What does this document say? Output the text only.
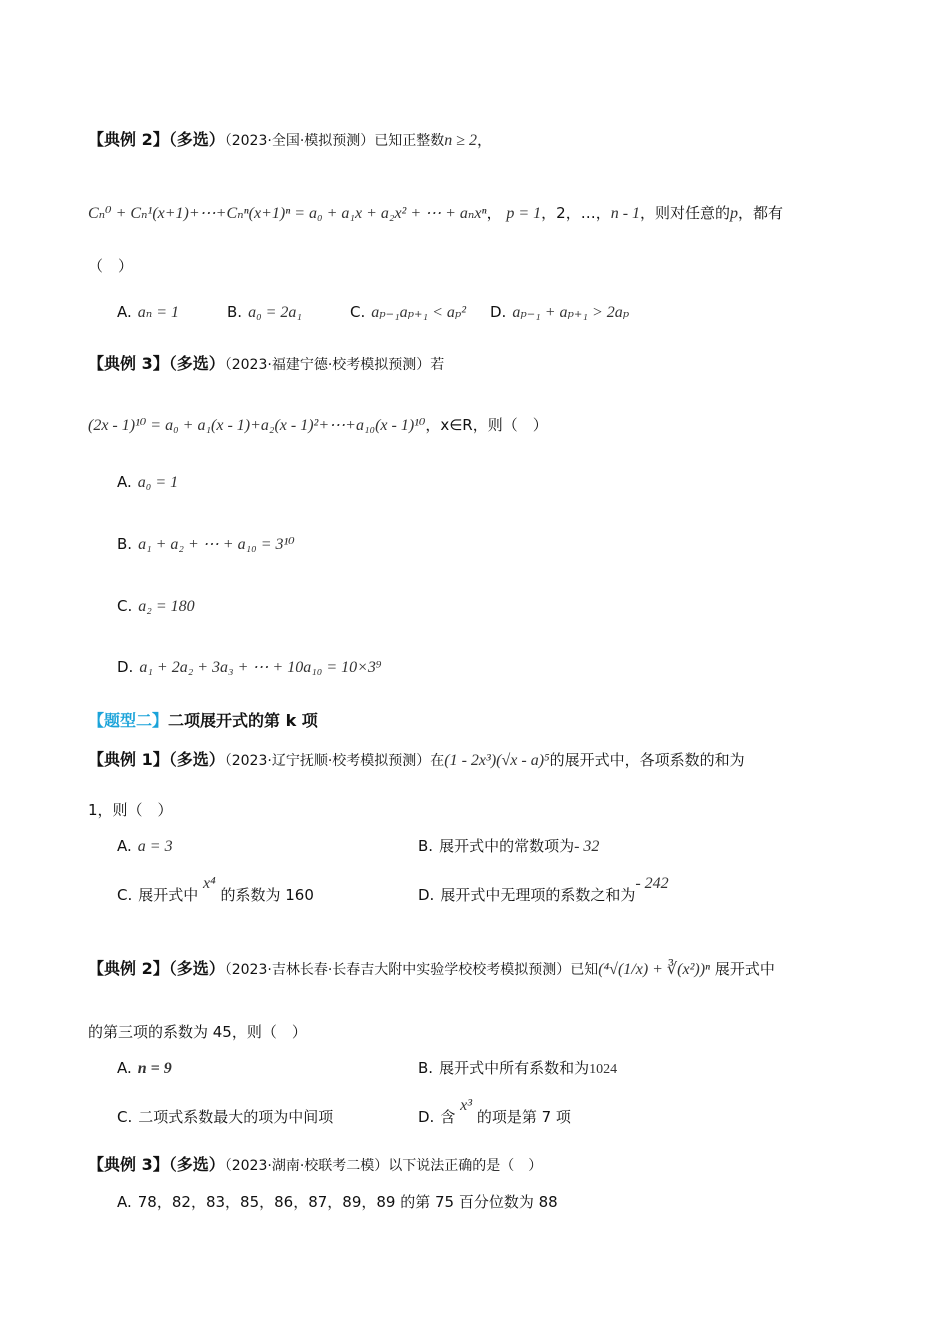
【典例 2】（多选）（2023·全国·模拟预测）已知正整数n ≥ 2，
Cₙ⁰ + Cₙ¹(x+1)+⋯+Cₙⁿ(x+1)ⁿ = a₀ + a₁x + a₂x² + ⋯ + aₙxⁿ， p = 1，2，…，n - 1，则对任意的p，都有
（　）
A. aₙ = 1	B. a₀ = 2a₁	C. aₚ₋₁aₚ₊₁ < aₚ² D. aₚ₋₁ + aₚ₊₁ > 2aₚ
【典例 3】（多选）（2023·福建宁德·校考模拟预测）若
(2x - 1)¹⁰ = a₀ + a₁(x - 1)+a₂(x - 1)²+⋯+a₁₀(x - 1)¹⁰，x∈R，则（　）
A. a₀ = 1
B. a₁ + a₂ + ⋯ + a₁₀ = 3¹⁰
C. a₂ = 180
D. a₁ + 2a₂ + 3a₃ + ⋯ + 10a₁₀ = 10×3⁹
【题型二】二项展开式的第 k 项
【典例 1】（多选）（2023·辽宁抚顺·校考模拟预测）在(1 - 2x³)(√x - a)⁵的展开式中，各项系数的和为
1，则（　）
A. a = 3	B. 展开式中的常数项为- 32
C. 展开式中 x⁴ 的系数为 160	D. 展开式中无理项的系数之和为- 242
【典例 2】（多选）（2023·吉林长春·长春吉大附中实验学校校考模拟预测）已知(⁴√(1/x) + ∛(x²))ⁿ 展开式中
的第三项的系数为 45，则（　）
A. n = 9	B. 展开式中所有系数和为1024
C. 二项式系数最大的项为中间项	D. 含 x³ 的项是第 7 项
【典例 3】（多选）（2023·湖南·校联考二模）以下说法正确的是（　）
A. 78，82，83，85，86，87，89，89 的第 75 百分位数为 88
